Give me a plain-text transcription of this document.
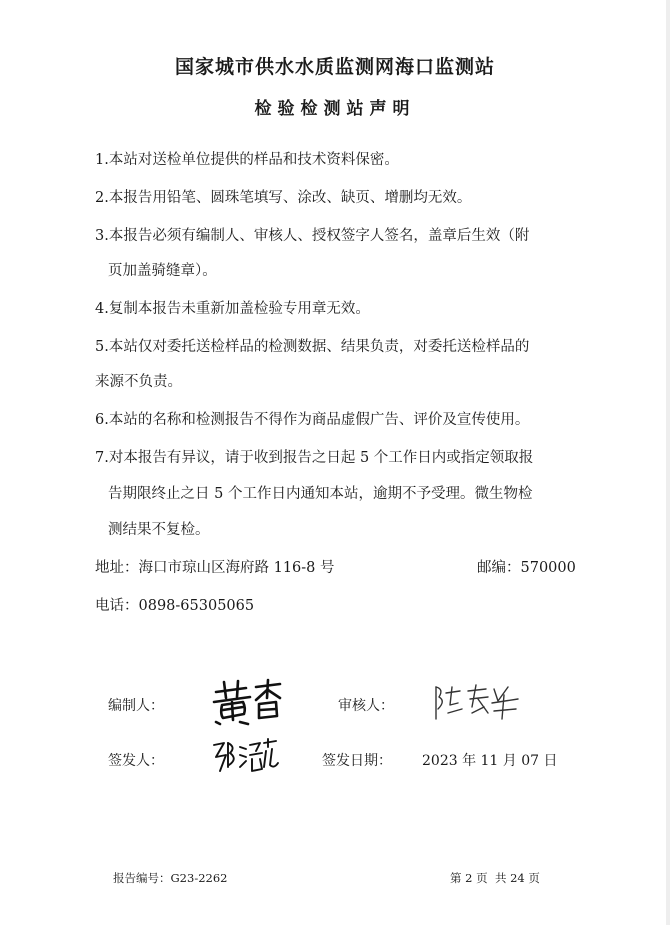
国家城市供水水质监测网海口监测站
检验检测站声明
1.本站对送检单位提供的样品和技术资料保密。
2.本报告用铅笔、圆珠笔填写、涂改、缺页、增删均无效。
3.本报告必须有编制人、审核人、授权签字人签名，盖章后生效（附
页加盖骑缝章）。
4.复制本报告未重新加盖检验专用章无效。
5.本站仅对委托送检样品的检测数据、结果负责，对委托送检样品的
来源不负责。
6.本站的名称和检测报告不得作为商品虚假广告、评价及宣传使用。
7.对本报告有异议，请于收到报告之日起 5 个工作日内或指定领取报
告期限终止之日 5 个工作日内通知本站，逾期不予受理。微生物检
测结果不复检。
地址：海口市琼山区海府路 116-8 号	邮编：570000
电话：0898-65305065
编制人：	审核人：
签发人：	签发日期： 2023 年 11 月 07 日
报告编号：G23-2262	第 2 页  共 24 页
